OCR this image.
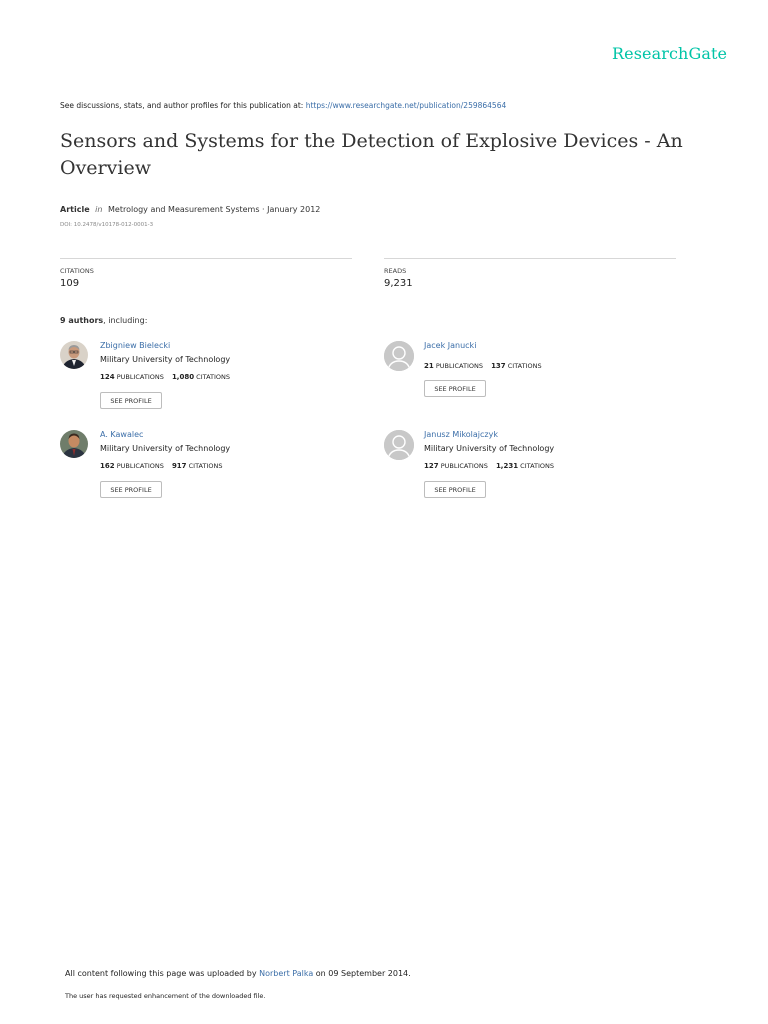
ResearchGate
See discussions, stats, and author profiles for this publication at: https://www.researchgate.net/publication/259864564
Sensors and Systems for the Detection of Explosive Devices - An Overview
Article in Metrology and Measurement Systems · January 2012
DOI: 10.2478/v10178-012-0001-3
CITATIONS
109
READS
9,231
9 authors, including:
Zbigniew Bielecki
Military University of Technology
124 PUBLICATIONS 1,080 CITATIONS
SEE PROFILE
Jacek Janucki
21 PUBLICATIONS 137 CITATIONS
SEE PROFILE
A. Kawalec
Military University of Technology
162 PUBLICATIONS 917 CITATIONS
SEE PROFILE
Janusz Mikolajczyk
Military University of Technology
127 PUBLICATIONS 1,231 CITATIONS
SEE PROFILE
All content following this page was uploaded by Norbert Palka on 09 September 2014.
The user has requested enhancement of the downloaded file.
